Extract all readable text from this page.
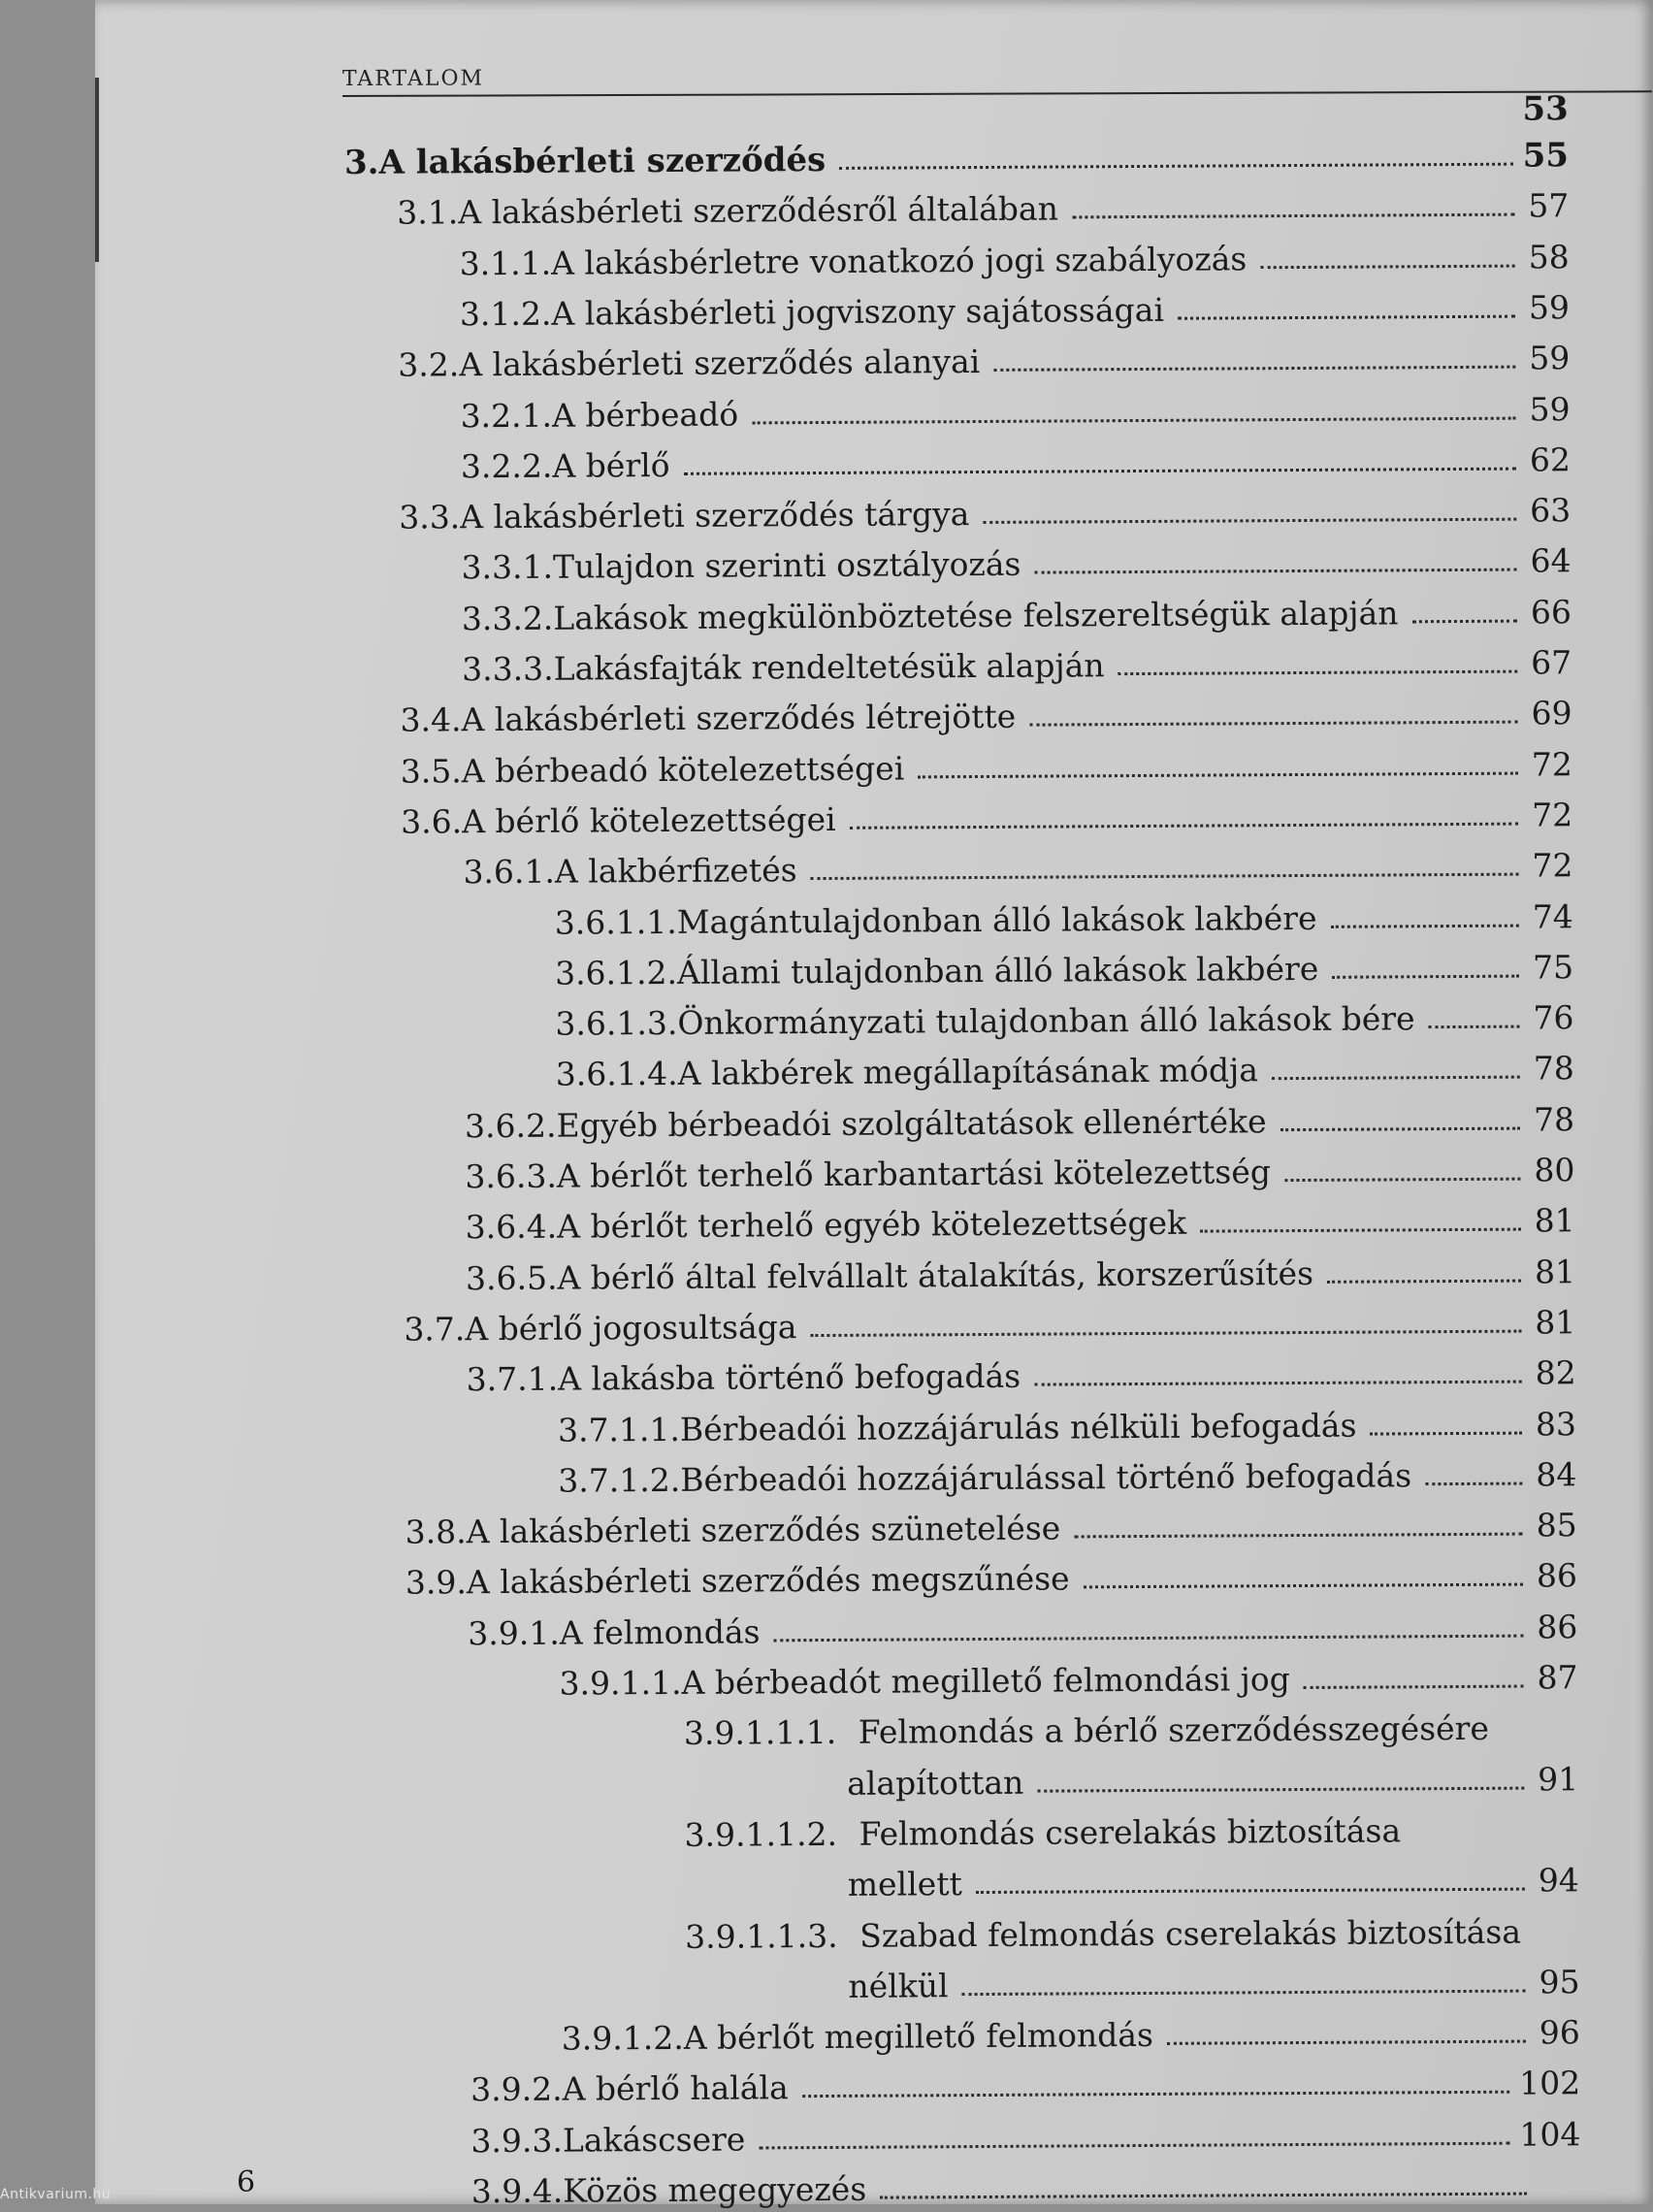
TARTALOM
53
3. A lakásbérleti szerződés	55
3.1. A lakásbérleti szerződésről általában	57
3.1.1. A lakásbérletre vonatkozó jogi szabályozás	58
3.1.2. A lakásbérleti jogviszony sajátosságai	59
3.2. A lakásbérleti szerződés alanyai	59
3.2.1. A bérbeadó	59
3.2.2. A bérlő	62
3.3. A lakásbérleti szerződés tárgya	63
3.3.1. Tulajdon szerinti osztályozás	64
3.3.2. Lakások megkülönböztetése felszereltségük alapján	66
3.3.3. Lakásfajták rendeltetésük alapján	67
3.4. A lakásbérleti szerződés létrejötte	69
3.5. A bérbeadó kötelezettségei	72
3.6. A bérlő kötelezettségei	72
3.6.1. A lakbérfizetés	72
3.6.1.1. Magántulajdonban álló lakások lakbére	74
3.6.1.2. Állami tulajdonban álló lakások lakbére	75
3.6.1.3. Önkormányzati tulajdonban álló lakások bére	76
3.6.1.4. A lakbérek megállapításának módja	78
3.6.2. Egyéb bérbeadói szolgáltatások ellenértéke	78
3.6.3. A bérlőt terhelő karbantartási kötelezettség	80
3.6.4. A bérlőt terhelő egyéb kötelezettségek	81
3.6.5. A bérlő által felvállalt átalakítás, korszerűsítés	81
3.7. A bérlő jogosultsága	81
3.7.1. A lakásba történő befogadás	82
3.7.1.1. Bérbeadói hozzájárulás nélküli befogadás	83
3.7.1.2. Bérbeadói hozzájárulással történő befogadás	84
3.8. A lakásbérleti szerződés szünetelése	85
3.9. A lakásbérleti szerződés megszűnése	86
3.9.1. A felmondás	86
3.9.1.1. A bérbeadót megillető felmondási jog	87
3.9.1.1.1. Felmondás a bérlő szerződésszegésére
alapítottan	91
3.9.1.1.2. Felmondás cserelakás biztosítása
mellett	94
3.9.1.1.3. Szabad felmondás cserelakás biztosítása
nélkül	95
3.9.1.2. A bérlőt megillető felmondás	96
3.9.2. A bérlő halála	102
3.9.3. Lakáscsere	104
3.9.4. Közös megegyezés
6
Antikvarium.hu
